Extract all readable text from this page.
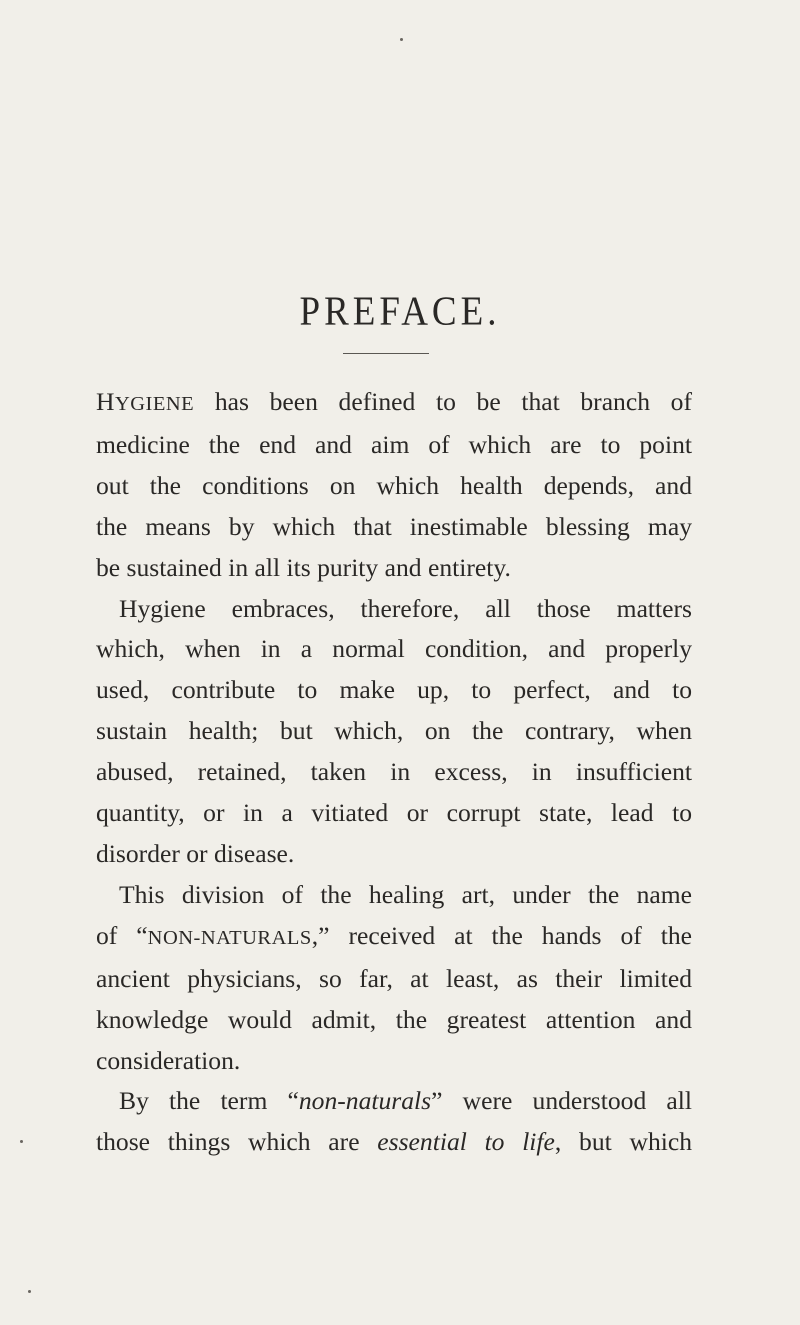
PREFACE.
HYGIENE has been defined to be that branch of
medicine the end and aim of which are to point
out the conditions on which health depends, and
the means by which that inestimable blessing may
be sustained in all its purity and entirety.
Hygiene embraces, therefore, all those matters
which, when in a normal condition, and properly
used, contribute to make up, to perfect, and to
sustain health; but which, on the contrary, when
abused, retained, taken in excess, in insufficient
quantity, or in a vitiated or corrupt state, lead to
disorder or disease.
This division of the healing art, under the name
of “NON-NATURALS,” received at the hands of the
ancient physicians, so far, at least, as their limited
knowledge would admit, the greatest attention and
consideration.
By the term “non-naturals” were understood all
those things which are essential to life, but which
